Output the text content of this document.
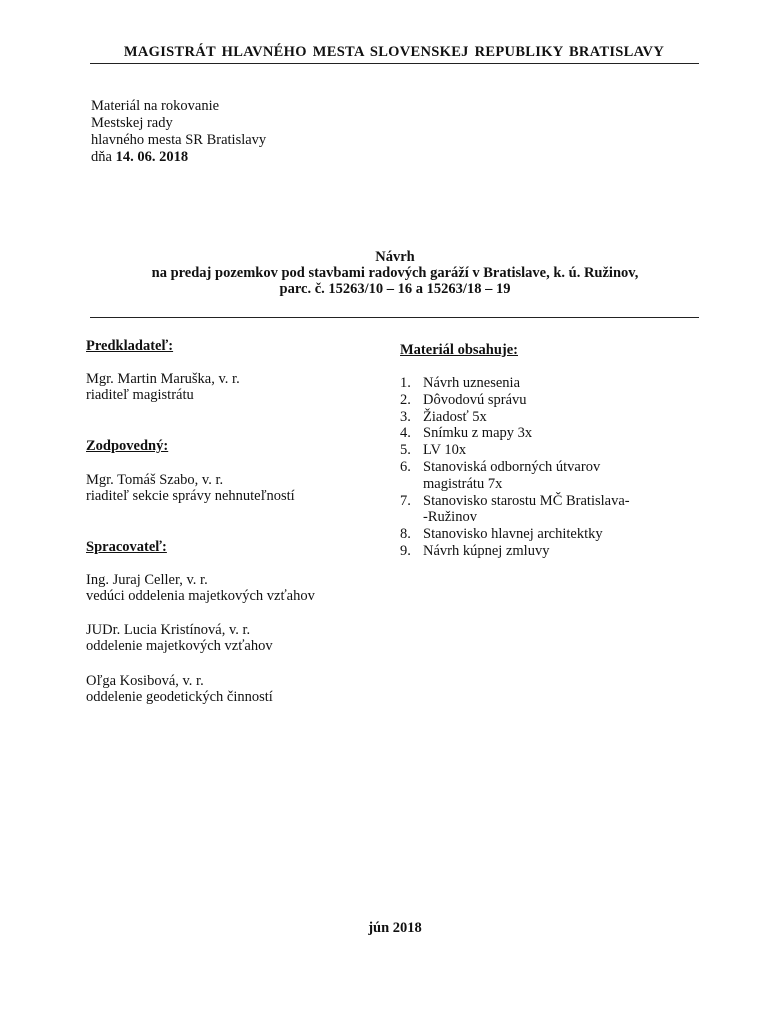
MAGISTRÁT HLAVNÉHO MESTA SLOVENSKEJ REPUBLIKY BRATISLAVY
Materiál na rokovanie
Mestskej rady
hlavného mesta SR Bratislavy
dňa 14. 06. 2018
Návrh
na predaj pozemkov pod stavbami radových garáží v Bratislave, k. ú. Ružinov,
parc. č. 15263/10 – 16 a 15263/18 – 19
Predkladateľ:
Mgr. Martin Maruška, v. r.
riaditeľ magistrátu
Zodpovedný:
Mgr. Tomáš Szabo, v. r.
riaditeľ sekcie správy nehnuteľností
Spracovateľ:
Ing. Juraj Celler, v. r.
vedúci oddelenia majetkových vzťahov
JUDr. Lucia Kristínová, v. r.
oddelenie majetkových vzťahov
Oľga Kosibová, v. r.
oddelenie geodetických činností
Materiál obsahuje:
1. Návrh uznesenia
2. Dôvodovú správu
3. Žiadosť 5x
4. Snímku z mapy 3x
5. LV 10x
6. Stanoviská odborných útvarov
magistrátu 7x
7. Stanovisko starostu MČ Bratislava-
-Ružinov
8. Stanovisko hlavnej architektky
9. Návrh kúpnej zmluvy
jún 2018
